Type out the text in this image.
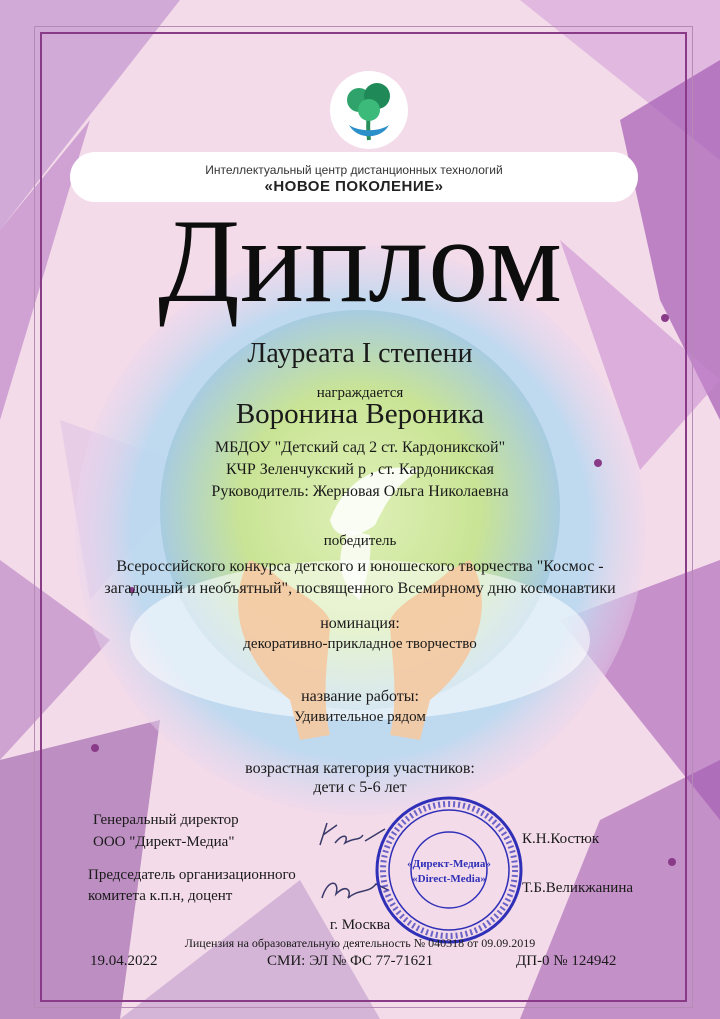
Интеллектуальный центр дистанционных технологий
«НОВОЕ ПОКОЛЕНИЕ»
Диплом
Лауреата I степени
награждается
Воронина Вероника
МБДОУ "Детский сад 2 ст. Кардоникской"
КЧР Зеленчукский р , ст. Кардоникская
Руководитель: Жерновая Ольга Николаевна
победитель
Всероссийского конкурса детского и юношеского творчества "Космос -
загадочный и необъятный", посвященного Всемирному дню космонавтики
номинация:
декоративно-прикладное творчество
название работы:
Удивительное рядом
возрастная категория участников:
дети с 5-6 лет
Генеральный директор
ООО "Директ-Медиа"	К.Н.Костюк
Председатель организационного
комитета к.п.н, доцент	Т.Б.Великжанина
«Директ-Медиа»
«Direct-Media»
г. Москва
Лицензия на образовательную деятельность № 040318 от 09.09.2019
19.04.2022	СМИ: ЭЛ № ФС 77-71621	ДП-0 № 124942
